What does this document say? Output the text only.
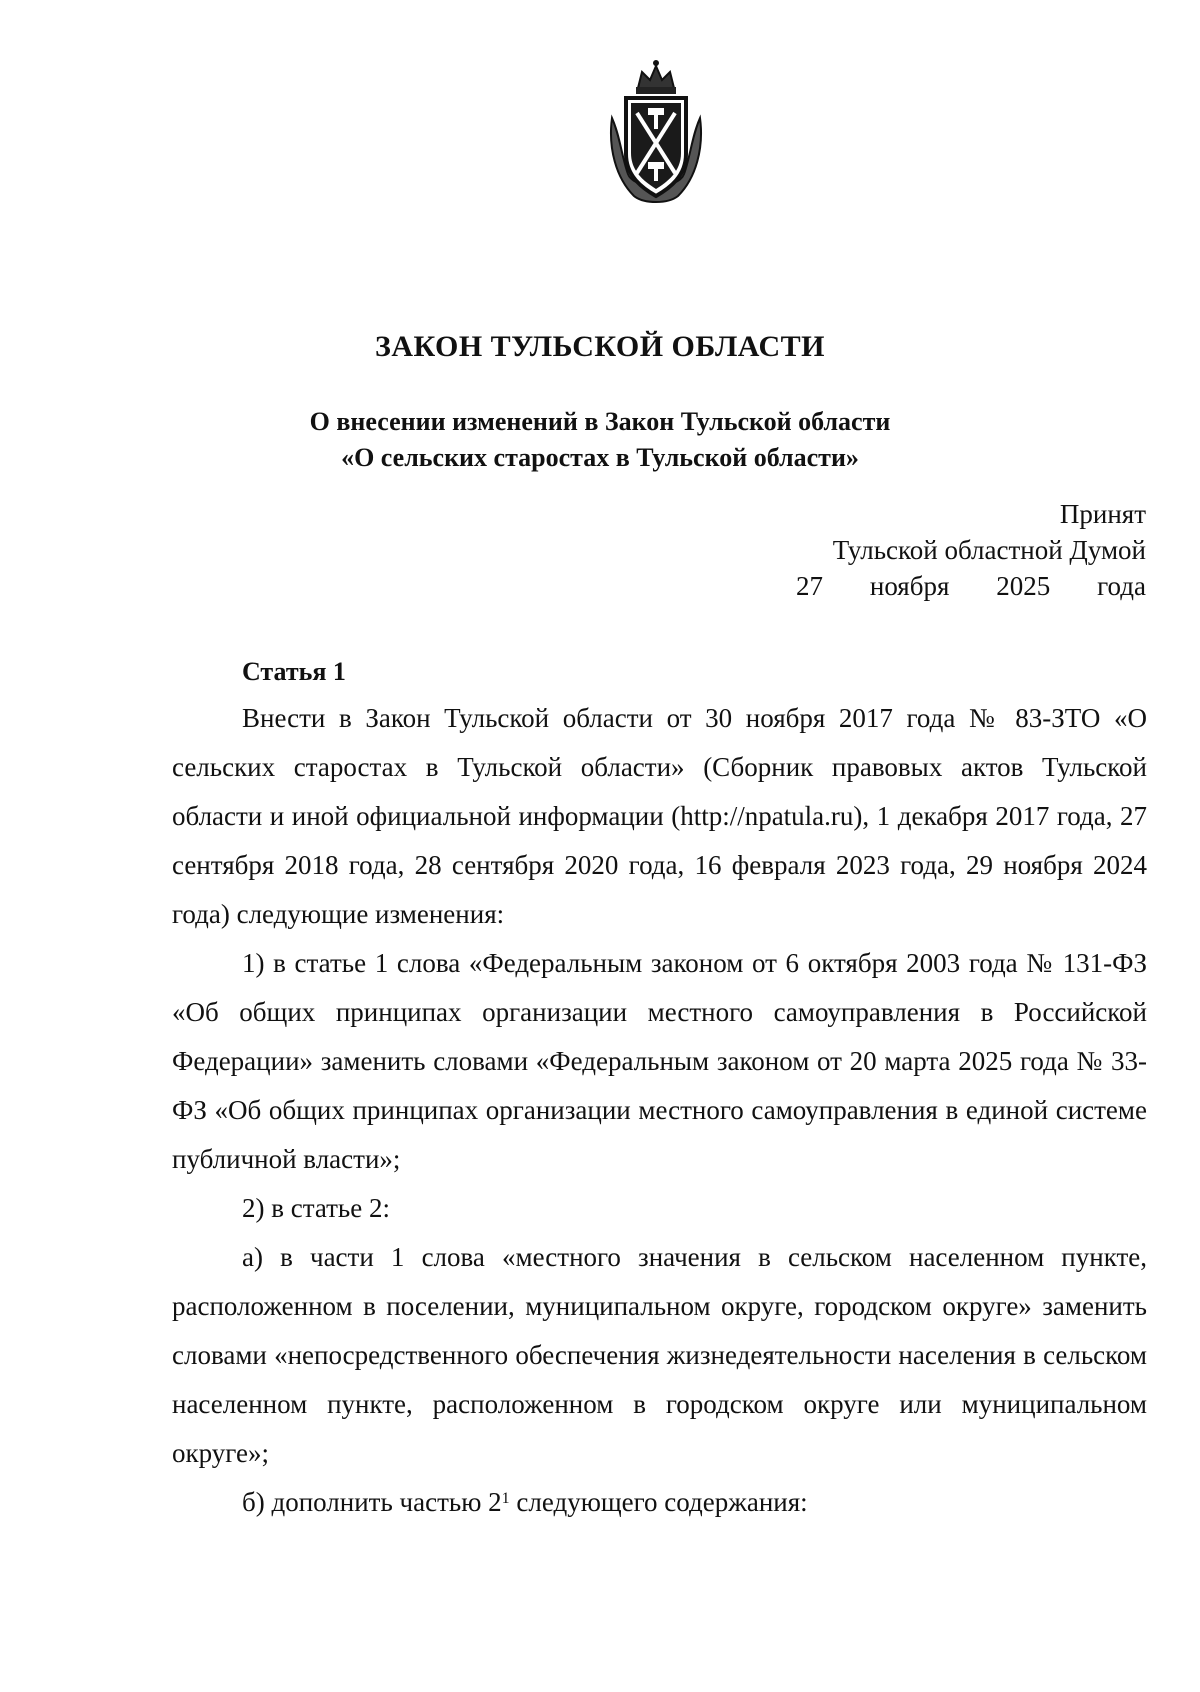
ЗАКОН ТУЛЬСКОЙ ОБЛАСТИ
О внесении изменений в Закон Тульской области
«О сельских старостах в Тульской области»
Принят
Тульской областной Думой
27 ноября 2025 года
Статья 1

Внести в Закон Тульской области от 30 ноября 2017 года № 83-ЗТО «О сельских старостах в Тульской области» (Сборник правовых актов Тульской области и иной официальной информации (http://npatula.ru), 1 декабря 2017 года, 27 сентября 2018 года, 28 сентября 2020 года, 16 февраля 2023 года, 29 ноября 2024 года) следующие изменения:

1) в статье 1 слова «Федеральным законом от 6 октября 2003 года № 131-ФЗ «Об общих принципах организации местного самоуправления в Российской Федерации» заменить словами «Федеральным законом от 20 марта 2025 года № 33-ФЗ «Об общих принципах организации местного самоуправления в единой системе публичной власти»;

2) в статье 2:

а) в части 1 слова «местного значения в сельском населенном пункте, расположенном в поселении, муниципальном округе, городском округе» заменить словами «непосредственного обеспечения жизнедеятельности населения в сельском населенном пункте, расположенном в городском округе или муниципальном округе»;

б) дополнить частью $2^1$ следующего содержания:
